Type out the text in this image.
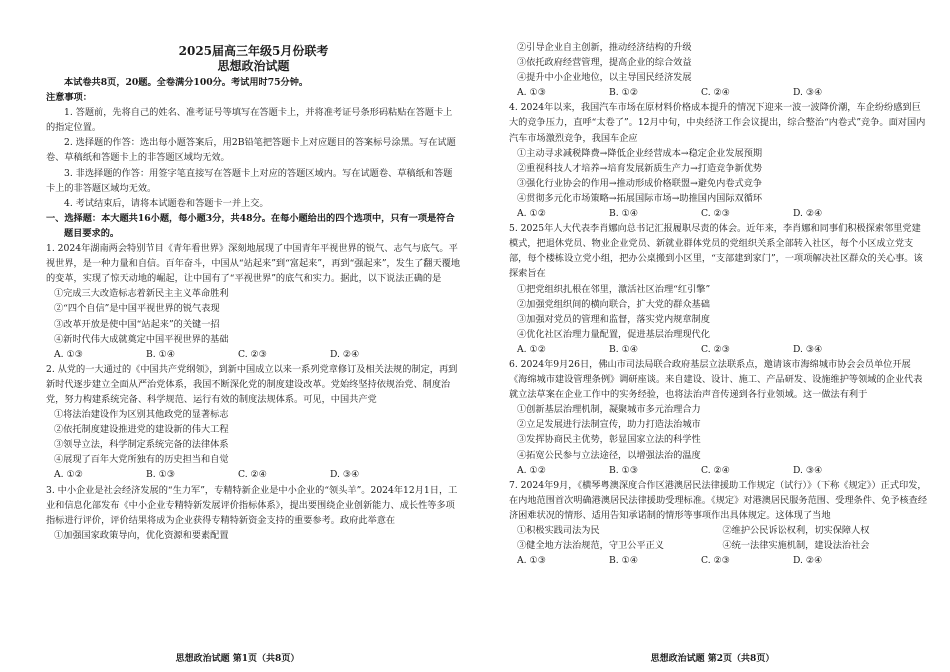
2025届高三年级5月份联考

思想政治试题

本试卷共8页，20题。全卷满分100分。考试用时75分钟。

注意事项：

1. 答题前，先将自己的姓名、准考证号等填写在答题卡上，并将准考证号条形码粘贴在答题卡上的指定位置。

2. 选择题的作答：选出每小题答案后，用2B铅笔把答题卡上对应题目的答案标号涂黑。写在试题卷、草稿纸和答题卡上的非答题区域均无效。

3. 非选择题的作答：用签字笔直接写在答题卡上对应的答题区域内。写在试题卷、草稿纸和答题卡上的非答题区域均无效。

4. 考试结束后，请将本试题卷和答题卡一并上交。

一、选择题：本大题共16小题，每小题3分，共48分。在每小题给出的四个选项中，只有一项是符合题目要求的。

1. 2024年湖南两会特别节目《青年看世界》深刻地展现了中国青年平视世界的锐气、志气与底气。平视世界，是一种力量和自信。百年奋斗，中国从“站起来”到“富起来”，再到“强起来”，发生了翻天覆地的变革，实现了惊天动地的崛起，让中国有了“平视世界”的底气和实力。据此，以下说法正确的是

①完成三大改造标志着新民主主义革命胜利

②“四个自信”是中国平视世界的锐气表现

③改革开放是使中国“站起来”的关键一招

④新时代伟大成就奠定中国平视世界的基础

A. ①③	B. ①④	C. ②③	D. ②④

2. 从党的一大通过的《中国共产党纲领》，到新中国成立以来一系列党章修订及相关法规的制定，再到新时代逐步建立全面从严治党体系，我国不断深化党的制度建设改革。党始终坚持依规治党、制度治党，努力构建系统完备、科学规范、运行有效的制度法规体系。可见，中国共产党

①将法治建设作为区别其他政党的显著标志

②依托制度建设推进党的建设新的伟大工程

③领导立法，科学制定系统完备的法律体系

④展现了百年大党所独有的历史担当和自觉

A. ①②	B. ①③	C. ②④	D. ③④

3. 中小企业是社会经济发展的“生力军”，专精特新企业是中小企业的“领头羊”。2024年12月1日，工业和信息化部发布《中小企业专精特新发展评价指标体系》，提出要围绕企业创新能力、成长性等多项指标进行评价，评价结果将成为企业获得专精特新资金支持的重要参考。政府此举意在

①加强国家政策导向，优化资源和要素配置

思想政治试题 第1页（共8页）

②引导企业自主创新，推动经济结构的升级

③依托政府经营管理，提高企业的综合效益

④提升中小企业地位，以主导国民经济发展

A. ①③	B. ①②	C. ②④	D. ③④

4. 2024年以来，我国汽车市场在原材料价格成本提升的情况下迎来一波一波降价潮，车企纷纷感到巨大的竞争压力，直呼“太卷了”。12月中旬，中央经济工作会议提出，综合整治“内卷式”竞争。面对国内汽车市场激烈竞争，我国车企应

①主动寻求减税降费→降低企业经营成本→稳定企业发展预期

②重视科技人才培养→培育发展新质生产力→打造竞争新优势

③强化行业协会的作用→推动形成价格联盟→避免内卷式竞争

④贯彻多元化市场策略→拓展国际市场→助推国内国际双循环

A. ①②	B. ①④	C. ②③	D. ②④

5. 2025年人大代表李肖娜向总书记汇报履职尽责的体会。近年来，李肖娜和同事们积极探索邻里党建模式，把退休党员、物业企业党员、新就业群体党员的党组织关系全部转入社区，每个小区成立党支部，每个楼栋设立党小组，把办公桌搬到小区里，“支部建到家门”，一项项解决社区群众的关心事。该探索旨在

①把党组织扎根在邻里，激活社区治理“红引擎”

②加强党组织间的横向联合，扩大党的群众基础

③加强对党员的管理和监督，落实党内规章制度

④优化社区治理力量配置，促进基层治理现代化

A. ①②	B. ①④	C. ②③	D. ③④

6. 2024年9月26日，佛山市司法局联合政府基层立法联系点，邀请该市海绵城市协会会员单位开展《海绵城市建设管理条例》调研座谈。来自建设、设计、施工、产品研发、设施维护等领域的企业代表就立法草案在企业工作中的实务经验，也将法治声音传递到各行业领域。这一做法有利于

①创新基层治理机制，凝聚城市多元治理合力

②立足发展进行法制宣传，助力打造法治城市

③发挥协商民主优势，彰显国家立法的科学性

④拓宽公民参与立法途径，以增强法治的温度

A. ①②	B. ①③	C. ②④	D. ③④

7. 2024年9月，《横琴粤澳深度合作区港澳居民法律援助工作规定（试行）》（下称《规定》）正式印发，在内地范围首次明确港澳居民法律援助受理标准。《规定》对港澳居民服务范围、受理条件、免予核查经济困难状况的情形、适用告知承诺制的情形等事项作出具体规定。这体现了当地

①积极实践司法为民	②维护公民诉讼权利，切实保障人权
③健全地方法治规范，守卫公平正义	④统一法律实施机制，建设法治社会
A. ①③	B. ①④	C. ②③	D. ②④
思想政治试题 第2页（共8页）
